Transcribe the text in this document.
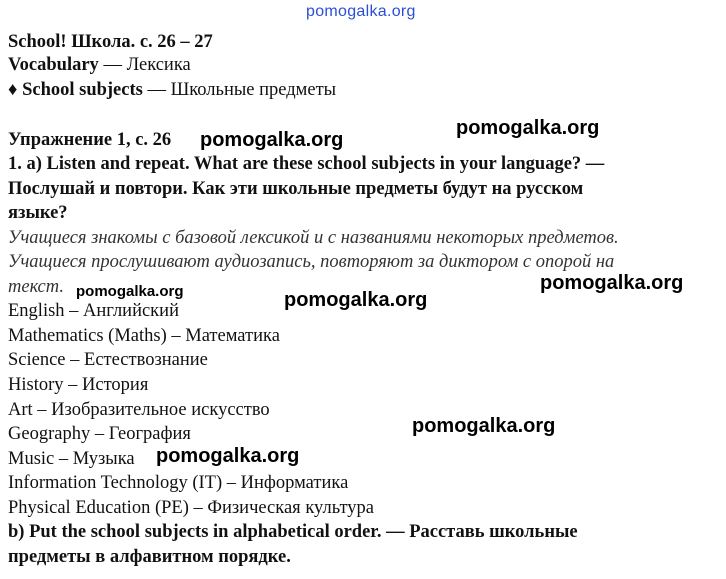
pomogalka.org
School! Школа. с. 26 – 27
Vocabulary — Лексика
♦ School subjects — Школьные предметы
Упражнение 1, с. 26 pomogalka.org
pomogalka.org
1. а) Listen and repeat. What are these school subjects in your language? —
Послушай и повтори. Как эти школьные предметы будут на русском
языке?
Учащиеся знакомы с базовой лексикой и с названиями некоторых предметов.
Учащиеся прослушивают аудиозапись, повторяют за диктором с опорой на
текст. pomogalka.org	pomogalka.org
pomogalka.org
English – Английский
Mathematics (Maths) – Математика
Science – Естествознание
History – История
Art – Изобразительное искусство
pomogalka.org
Geography – География
Music – Музыка pomogalka.org
Information Technology (IT) – Информатика
Physical Education (PE) – Физическая культура
b) Put the school subjects in alphabetical order. — Расставь школьные
предметы в алфавитном порядке.
